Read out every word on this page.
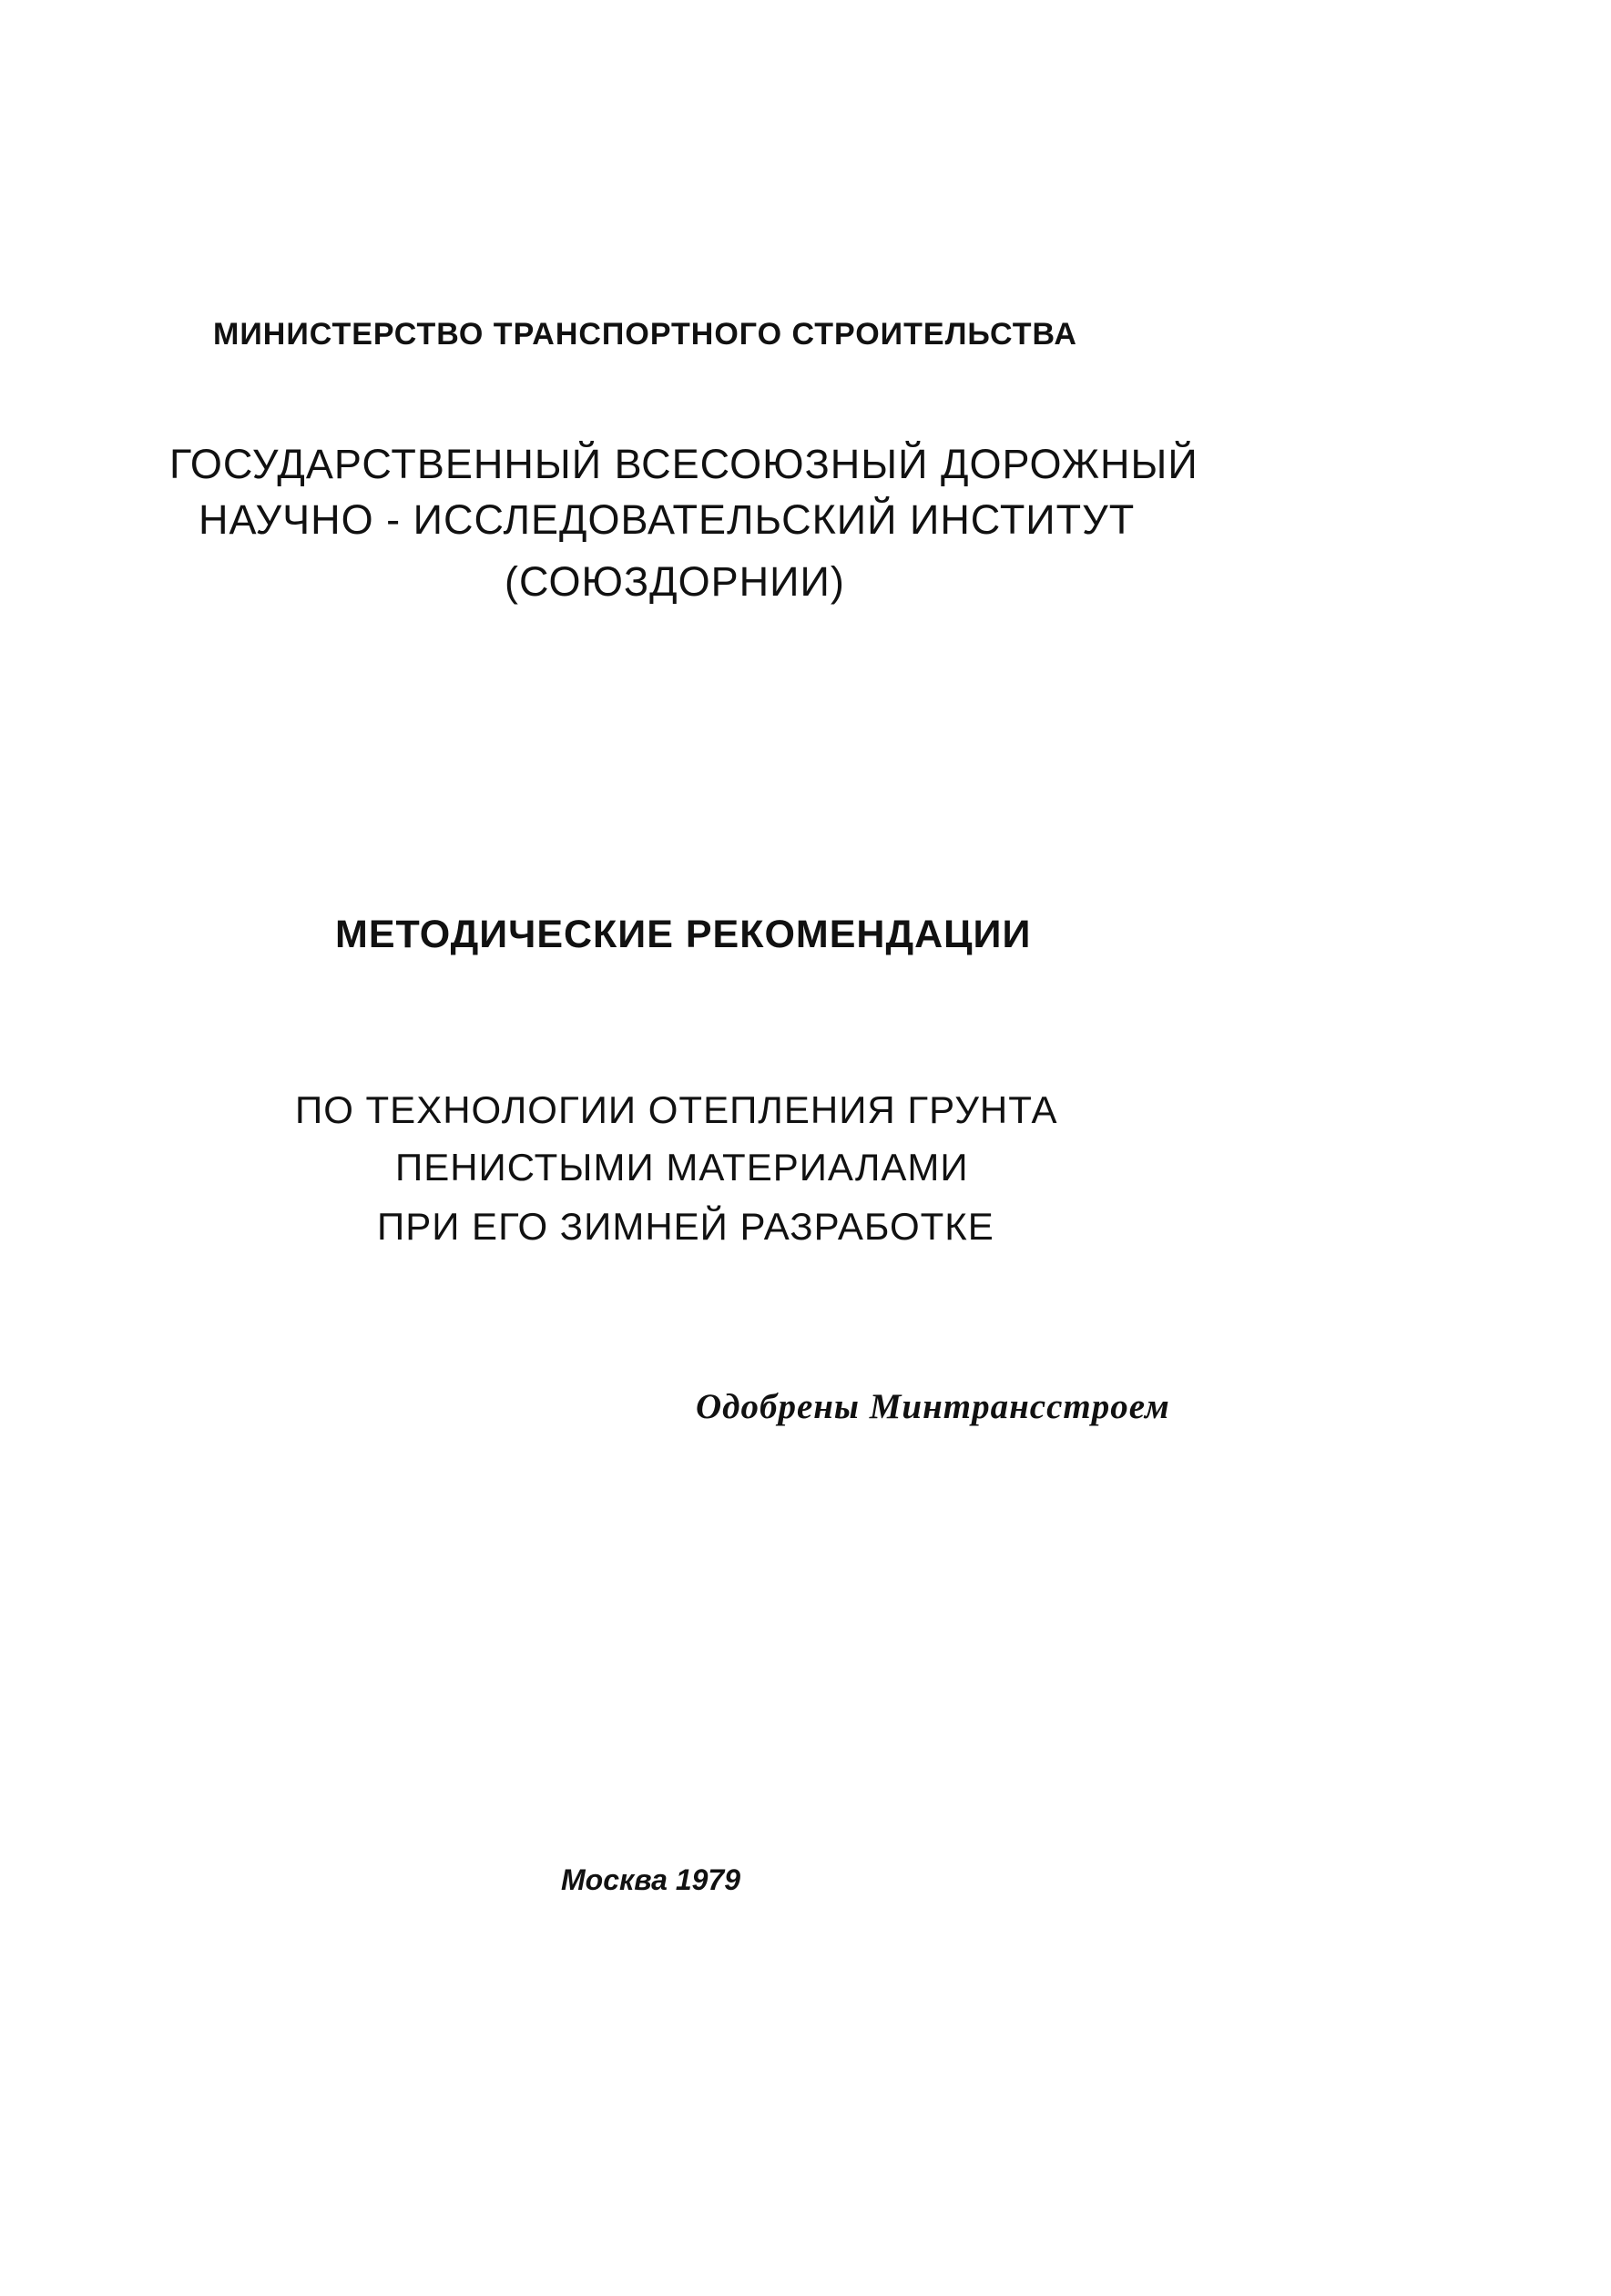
МИНИСТЕРСТВО ТРАНСПОРТНОГО СТРОИТЕЛЬСТВА
ГОСУДАРСТВЕННЫЙ ВСЕСОЮЗНЫЙ ДОРОЖНЫЙ
НАУЧНО - ИССЛЕДОВАТЕЛЬСКИЙ ИНСТИТУТ
(СОЮЗДОРНИИ)
МЕТОДИЧЕСКИЕ РЕКОМЕНДАЦИИ
ПО ТЕХНОЛОГИИ ОТЕПЛЕНИЯ ГРУНТА
ПЕНИСТЫМИ МАТЕРИАЛАМИ
ПРИ ЕГО ЗИМНЕЙ РАЗРАБОТКЕ
Одобрены Минтрансстроем
Москва 1979
